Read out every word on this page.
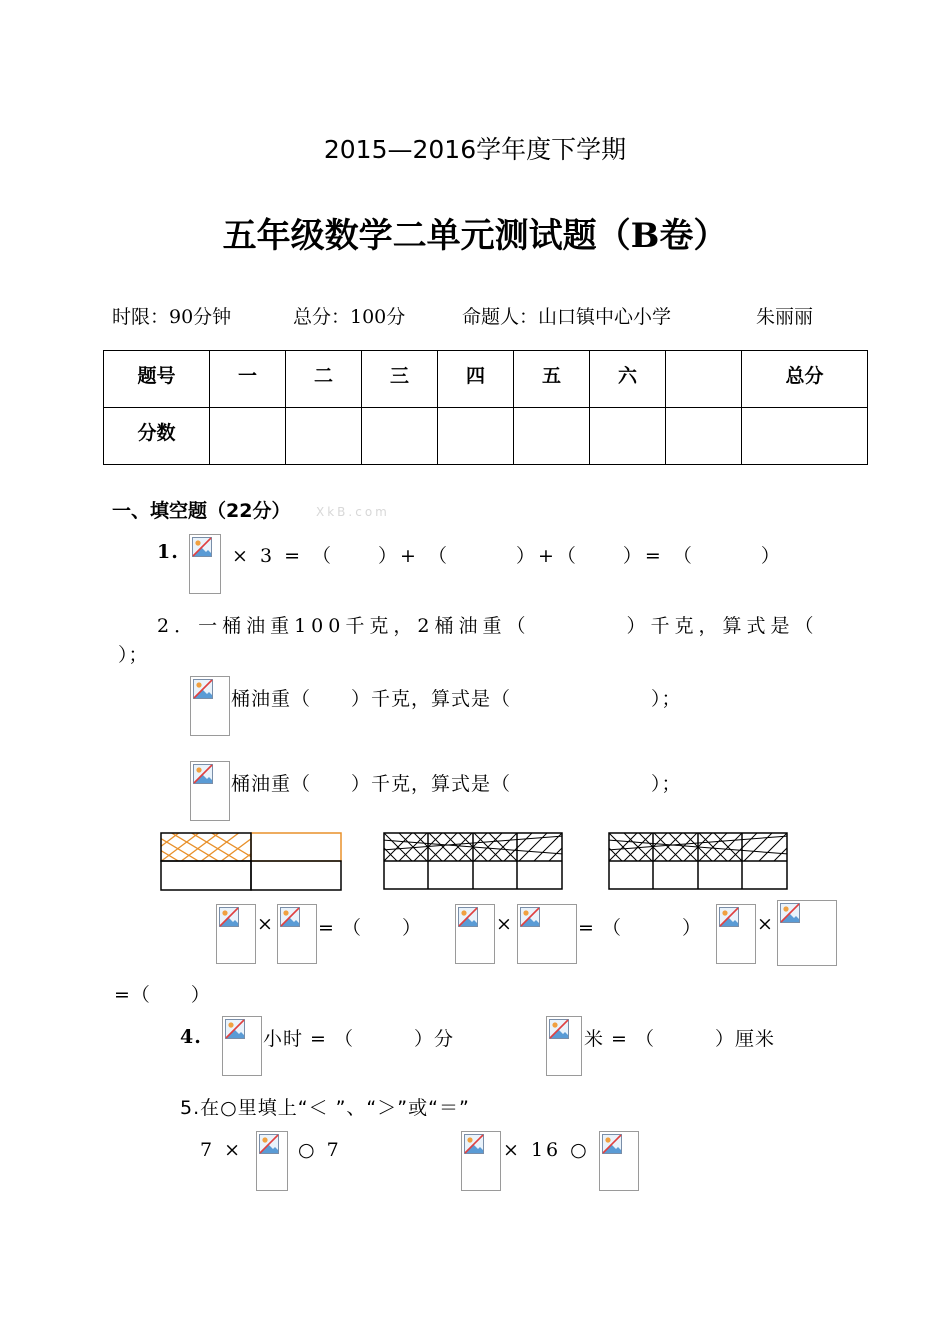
2015—2016学年度下学期
五年级数学二单元测试题（B卷）
时限：90分钟	总分：100分	命题人：山口镇中心小学	朱丽丽
题号	一	二	三	四	五	六		总分
分数								
一、填空题（22分） XkB.com
1.	× 3 = （　　）+ （　　　）+（　　）= （　　　）
2．一桶油重100千克，2桶油重（　　　　）千克，算式是（
）；
桶油重（　　）千克，算式是（　　　　　　　）；
桶油重（　　）千克，算式是（　　　　　　　）；
× = （　　）	×	= （　　　）	×
=（　　）
4.	小时 = （　　　）分	米 = （　　　）厘米
5.在○里填上“＜ ”、“＞”或“＝”
7 ×	○ 7	× 16 ○
